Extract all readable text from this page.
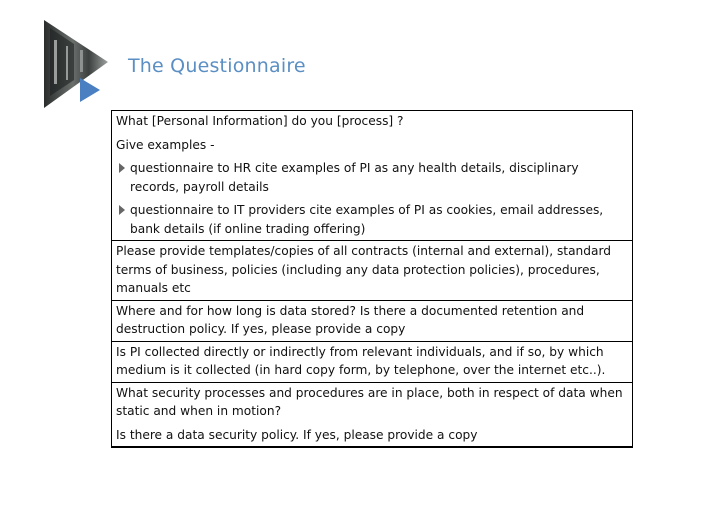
The Questionnaire

What [Personal Information] do you [process] ?

Give examples -

questionnaire to HR cite examples of PI as any health details, disciplinary records, payroll details
questionnaire to IT providers cite examples of PI as cookies, email addresses, bank details (if online trading offering)

Please provide templates/copies of all contracts (internal and external), standard terms of business, policies (including any data protection policies), procedures, manuals etc

Where and for how long is data stored? Is there a documented retention and destruction policy. If yes, please provide a copy

Is PI collected directly or indirectly from relevant individuals, and if so, by which medium is it collected (in hard copy form, by telephone, over the internet etc..).

What security processes and procedures are in place, both in respect of data when static and when in motion?

Is there a data security policy. If yes, please provide a copy
